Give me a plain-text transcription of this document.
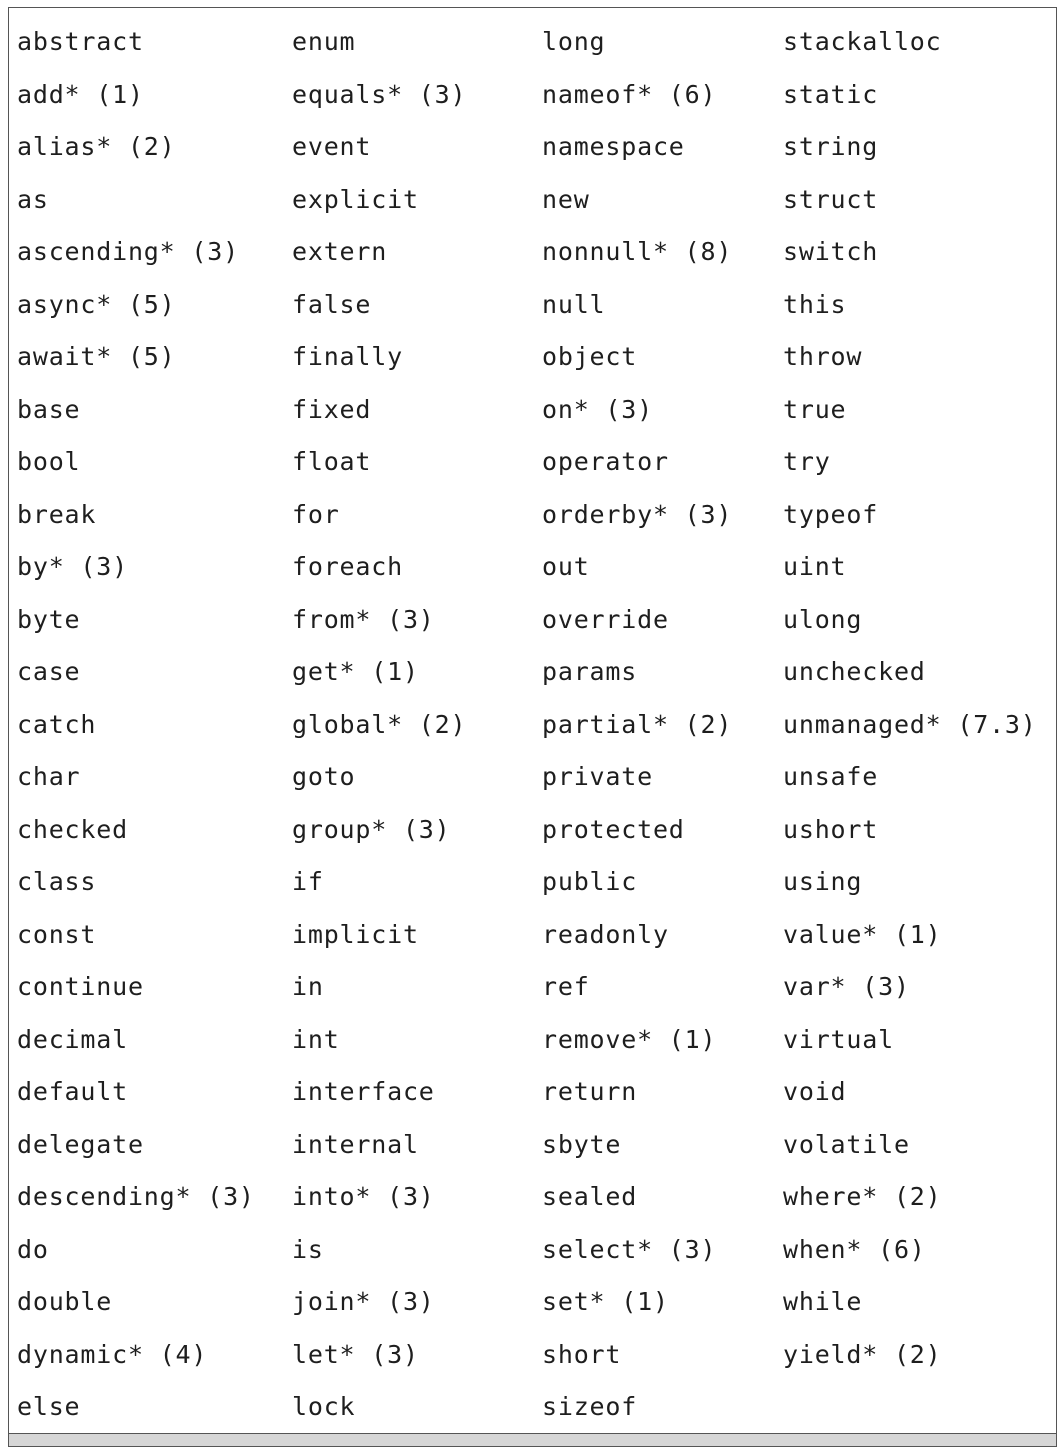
abstract
add* (1)
alias* (2)
as
ascending* (3)
async* (5)
await* (5)
base
bool
break
by* (3)
byte
case
catch
char
checked
class
const
continue
decimal
default
delegate
descending* (3)
do
double
dynamic* (4)
else
enum
equals* (3)
event
explicit
extern
false
finally
fixed
float
for
foreach
from* (3)
get* (1)
global* (2)
goto
group* (3)
if
implicit
in
int
interface
internal
into* (3)
is
join* (3)
let* (3)
lock
long
nameof* (6)
namespace
new
nonnull* (8)
null
object
on* (3)
operator
orderby* (3)
out
override
params
partial* (2)
private
protected
public
readonly
ref
remove* (1)
return
sbyte
sealed
select* (3)
set* (1)
short
sizeof
stackalloc
static
string
struct
switch
this
throw
true
try
typeof
uint
ulong
unchecked
unmanaged* (7.3)
unsafe
ushort
using
value* (1)
var* (3)
virtual
void
volatile
where* (2)
when* (6)
while
yield* (2)
